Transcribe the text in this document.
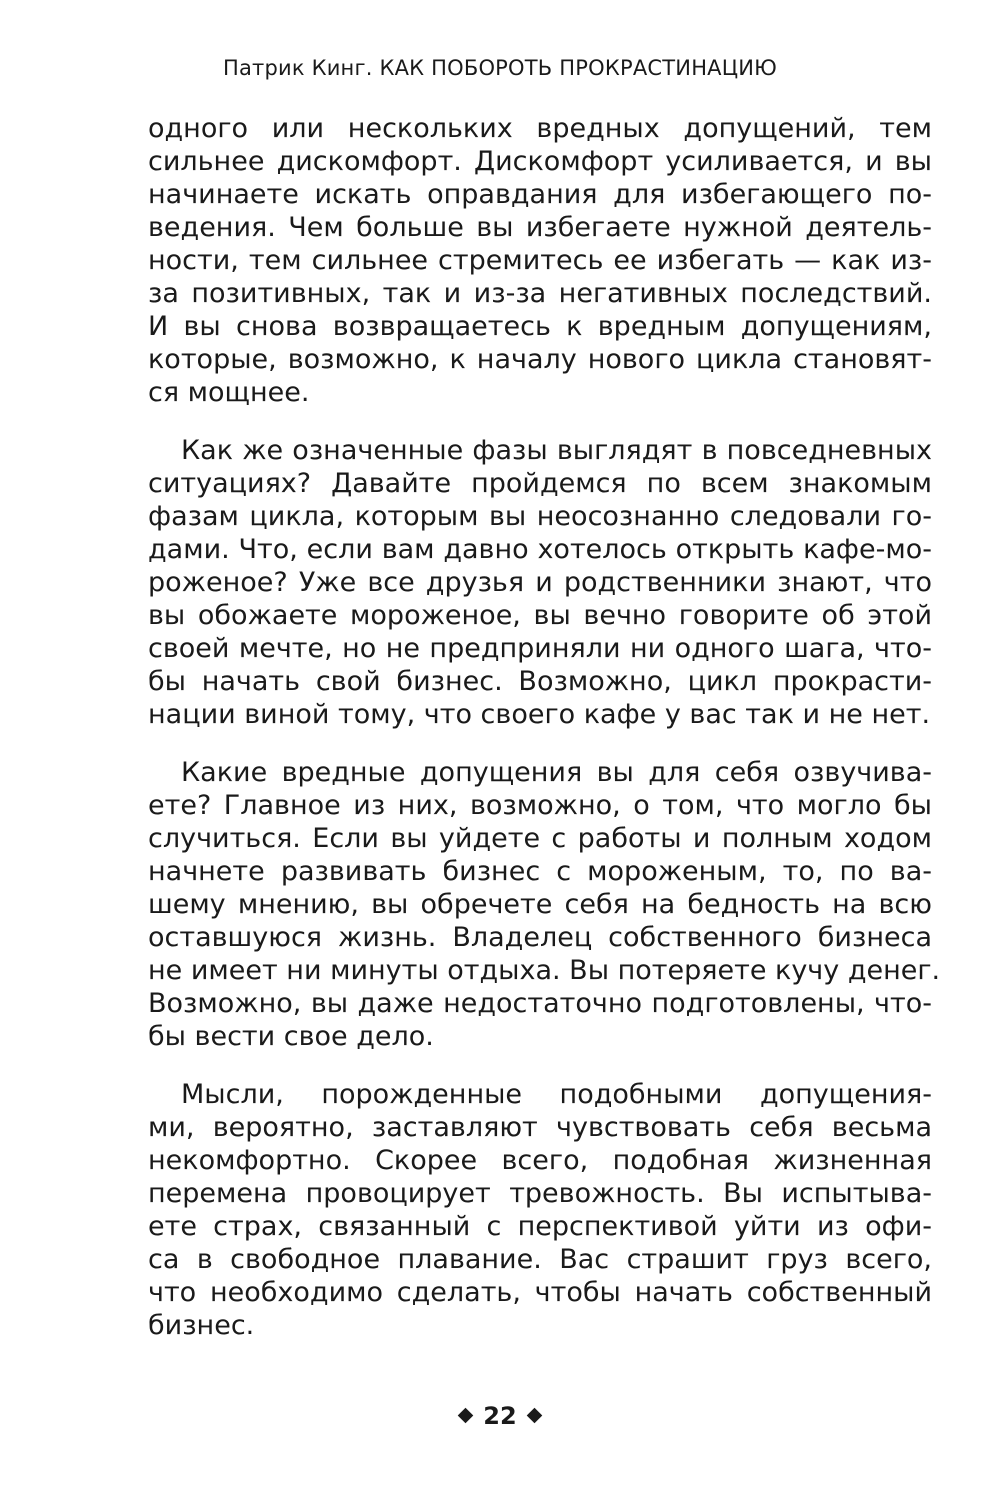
Патрик Кинг. КАК ПОБОРОТЬ ПРОКРАСТИНАЦИЮ
одного или нескольких вредных допущений, тем
сильнее дискомфорт. Дискомфорт усиливается, и вы
начинаете искать оправдания для избегающего по-
ведения. Чем больше вы избегаете нужной деятель-
ности, тем сильнее стремитесь ее избегать — как из-
за позитивных, так и из-за негативных последствий.
И вы снова возвращаетесь к вредным допущениям,
которые, возможно, к началу нового цикла становят-
ся мощнее.
Как же означенные фазы выглядят в повседневных
ситуациях? Давайте пройдемся по всем знакомым
фазам цикла, которым вы неосознанно следовали го-
дами. Что, если вам давно хотелось открыть кафе-мо-
роженое? Уже все друзья и родственники знают, что
вы обожаете мороженое, вы вечно говорите об этой
своей мечте, но не предприняли ни одного шага, что-
бы начать свой бизнес. Возможно, цикл прокрасти-
нации виной тому, что своего кафе у вас так и не нет.
Какие вредные допущения вы для себя озвучива-
ете? Главное из них, возможно, о том, что могло бы
случиться. Если вы уйдете с работы и полным ходом
начнете развивать бизнес с мороженым, то, по ва-
шему мнению, вы обречете себя на бедность на всю
оставшуюся жизнь. Владелец собственного бизнеса
не имеет ни минуты отдыха. Вы потеряете кучу денег.
Возможно, вы даже недостаточно подготовлены, что-
бы вести свое дело.
Мысли, порожденные подобными допущения-
ми, вероятно, заставляют чувствовать себя весьма
некомфортно. Скорее всего, подобная жизненная
перемена провоцирует тревожность. Вы испытыва-
ете страх, связанный с перспективой уйти из офи-
са в свободное плавание. Вас страшит груз всего,
что необходимо сделать, чтобы начать собственный
бизнес.
22
